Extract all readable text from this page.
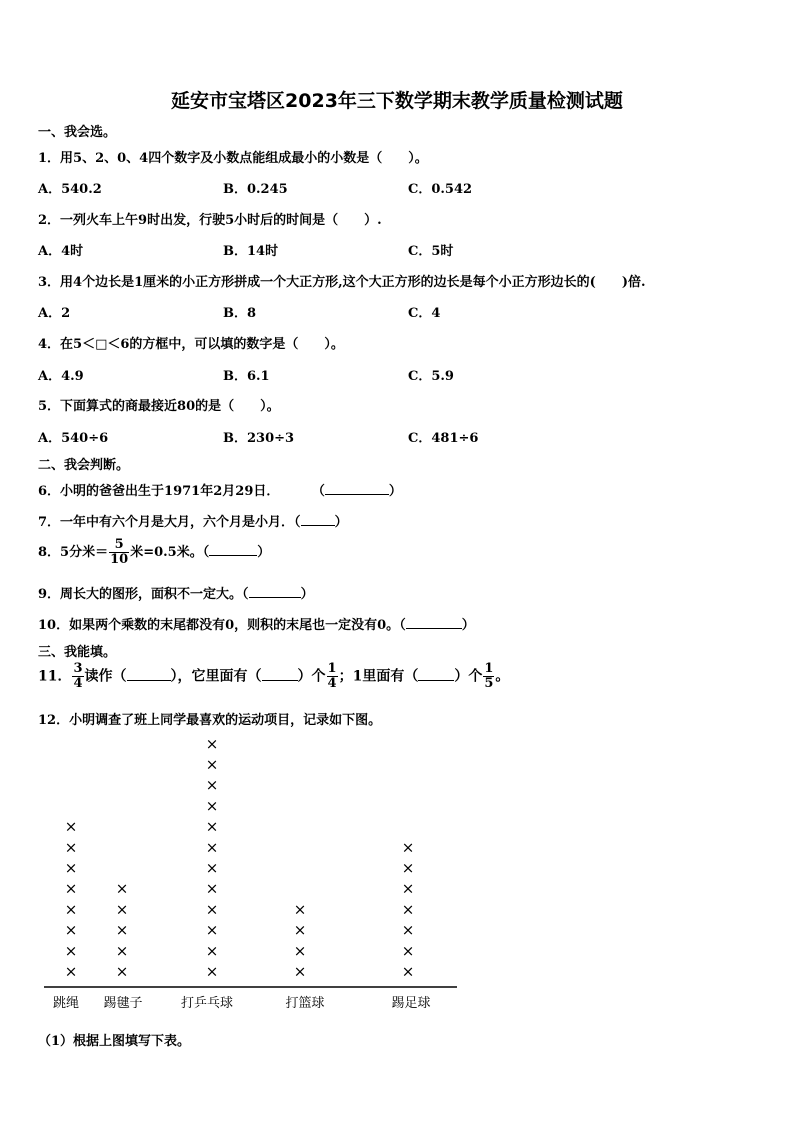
延安市宝塔区2023年三下数学期末教学质量检测试题
一、我会选。
1．用5、2、0、4四个数字及小数点能组成最小的小数是（　　）。
A．540.2	B．0.245	C．0.542
2．一列火车上午9时出发，行驶5小时后的时间是（　　）.
A．4时	B．14时	C．5时
3．用4个边长是1厘米的小正方形拼成一个大正方形,这个大正方形的边长是每个小正方形边长的(　　)倍.
A．2	B．8	C．4
4．在5＜□＜6的方框中，可以填的数字是（　　）。
A．4.9	B．6.1	C．5.9
5．下面算式的商最接近80的是（　　）。
A．540÷6	B．230÷3	C．481÷6
二、我会判断。
6．小明的爸爸出生于1971年2月29日．	（	）
7．一年中有六个月是大月，六个月是小月．（	）
8．5分米＝ $\frac{5}{10}$ 米=0.5米。（	）
9．周长大的图形，面积不一定大。（	）
10．如果两个乘数的末尾都没有0，则积的末尾也一定没有0。（	）
三、我能填。
11． $\frac{3}{4}$ 读作（	），它里面有（	）个 $\frac{1}{4}$ ；1里面有（	）个 $\frac{1}{5}$ 。
12．小明调查了班上同学最喜欢的运动项目，记录如下图。
×
×
×
×
×
×
×
×
×
×
×
×
×
×
×
×
×
×
×
×
×
×
×
×
×
×
×
×
×
×
×
×
×
×
×
×
跳绳 踢毽子	打乒乓球	打篮球	踢足球
（1）根据上图填写下表。
